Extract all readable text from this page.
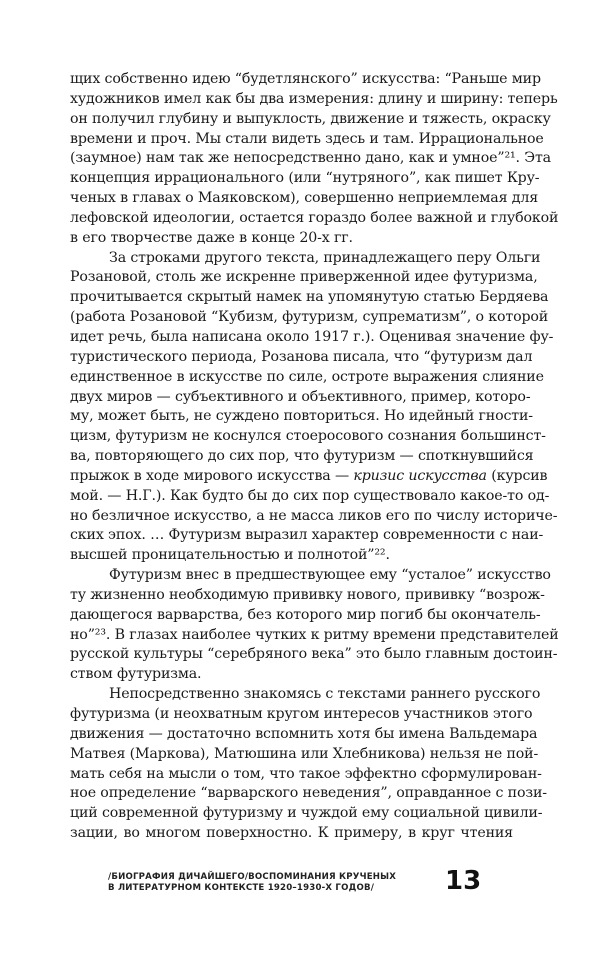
щих собственно идею “будетлянского” искусства: “Раньше мир
художников имел как бы два измерения: длину и ширину: теперь
он получил глубину и выпуклость, движение и тяжесть, окраску
времени и проч. Мы стали видеть здесь и там. Иррациональное
(заумное) нам так же непосредственно дано, как и умное”²¹. Эта
концепция иррационального (или “нутряного”, как пишет Кру-
ченых в главах о Маяковском), совершенно неприемлемая для
лефовской идеологии, остается гораздо более важной и глубокой
в его творчестве даже в конце 20-х гг.
За строками другого текста, принадлежащего перу Ольги
Розановой, столь же искренне приверженной идее футуризма,
прочитывается скрытый намек на упомянутую статью Бердяева
(работа Розановой “Кубизм, футуризм, супрематизм”, о которой
идет речь, была написана около 1917 г.). Оценивая значение фу-
туристического периода, Розанова писала, что “футуризм дал
единственное в искусстве по силе, остроте выражения слияние
двух миров — субъективного и объективного, пример, которо-
му, может быть, не суждено повториться. Но идейный гности-
цизм, футуризм не коснулся стоеросового сознания большинст-
ва, повторяющего до сих пор, что футуризм — споткнувшийся
прыжок в ходе мирового искусства — кризис искусства (курсив
мой. — Н.Г.). Как будто бы до сих пор существовало какое-то од-
но безличное искусство, а не масса ликов его по числу историче-
ских эпох. … Футуризм выразил характер современности с наи-
высшей проницательностью и полнотой”²².
Футуризм внес в предшествующее ему “усталое” искусство
ту жизненно необходимую прививку нового, прививку “возрож-
дающегося варварства, без которого мир погиб бы окончатель-
но”²³. В глазах наиболее чутких к ритму времени представителей
русской культуры “серебряного века” это было главным достоин-
ством футуризма.
Непосредственно знакомясь с текстами раннего русского
футуризма (и неохватным кругом интересов участников этого
движения — достаточно вспомнить хотя бы имена Вальдемара
Матвея (Маркова), Матюшина или Хлебникова) нельзя не пой-
мать себя на мысли о том, что такое эффектно сформулирован-
ное определение “варварского неведения”, оправданное с пози-
ций современной футуризму и чуждой ему социальной цивили-
зации, во многом поверхностно. К примеру, в круг чтения
/БИОГРАФИЯ ДИЧАЙШЕГО/ВОСПОМИНАНИЯ КРУЧЕНЫХ
В ЛИТЕРАТУРНОМ КОНТЕКСТЕ 1920–1930-Х ГОДОВ/	13
